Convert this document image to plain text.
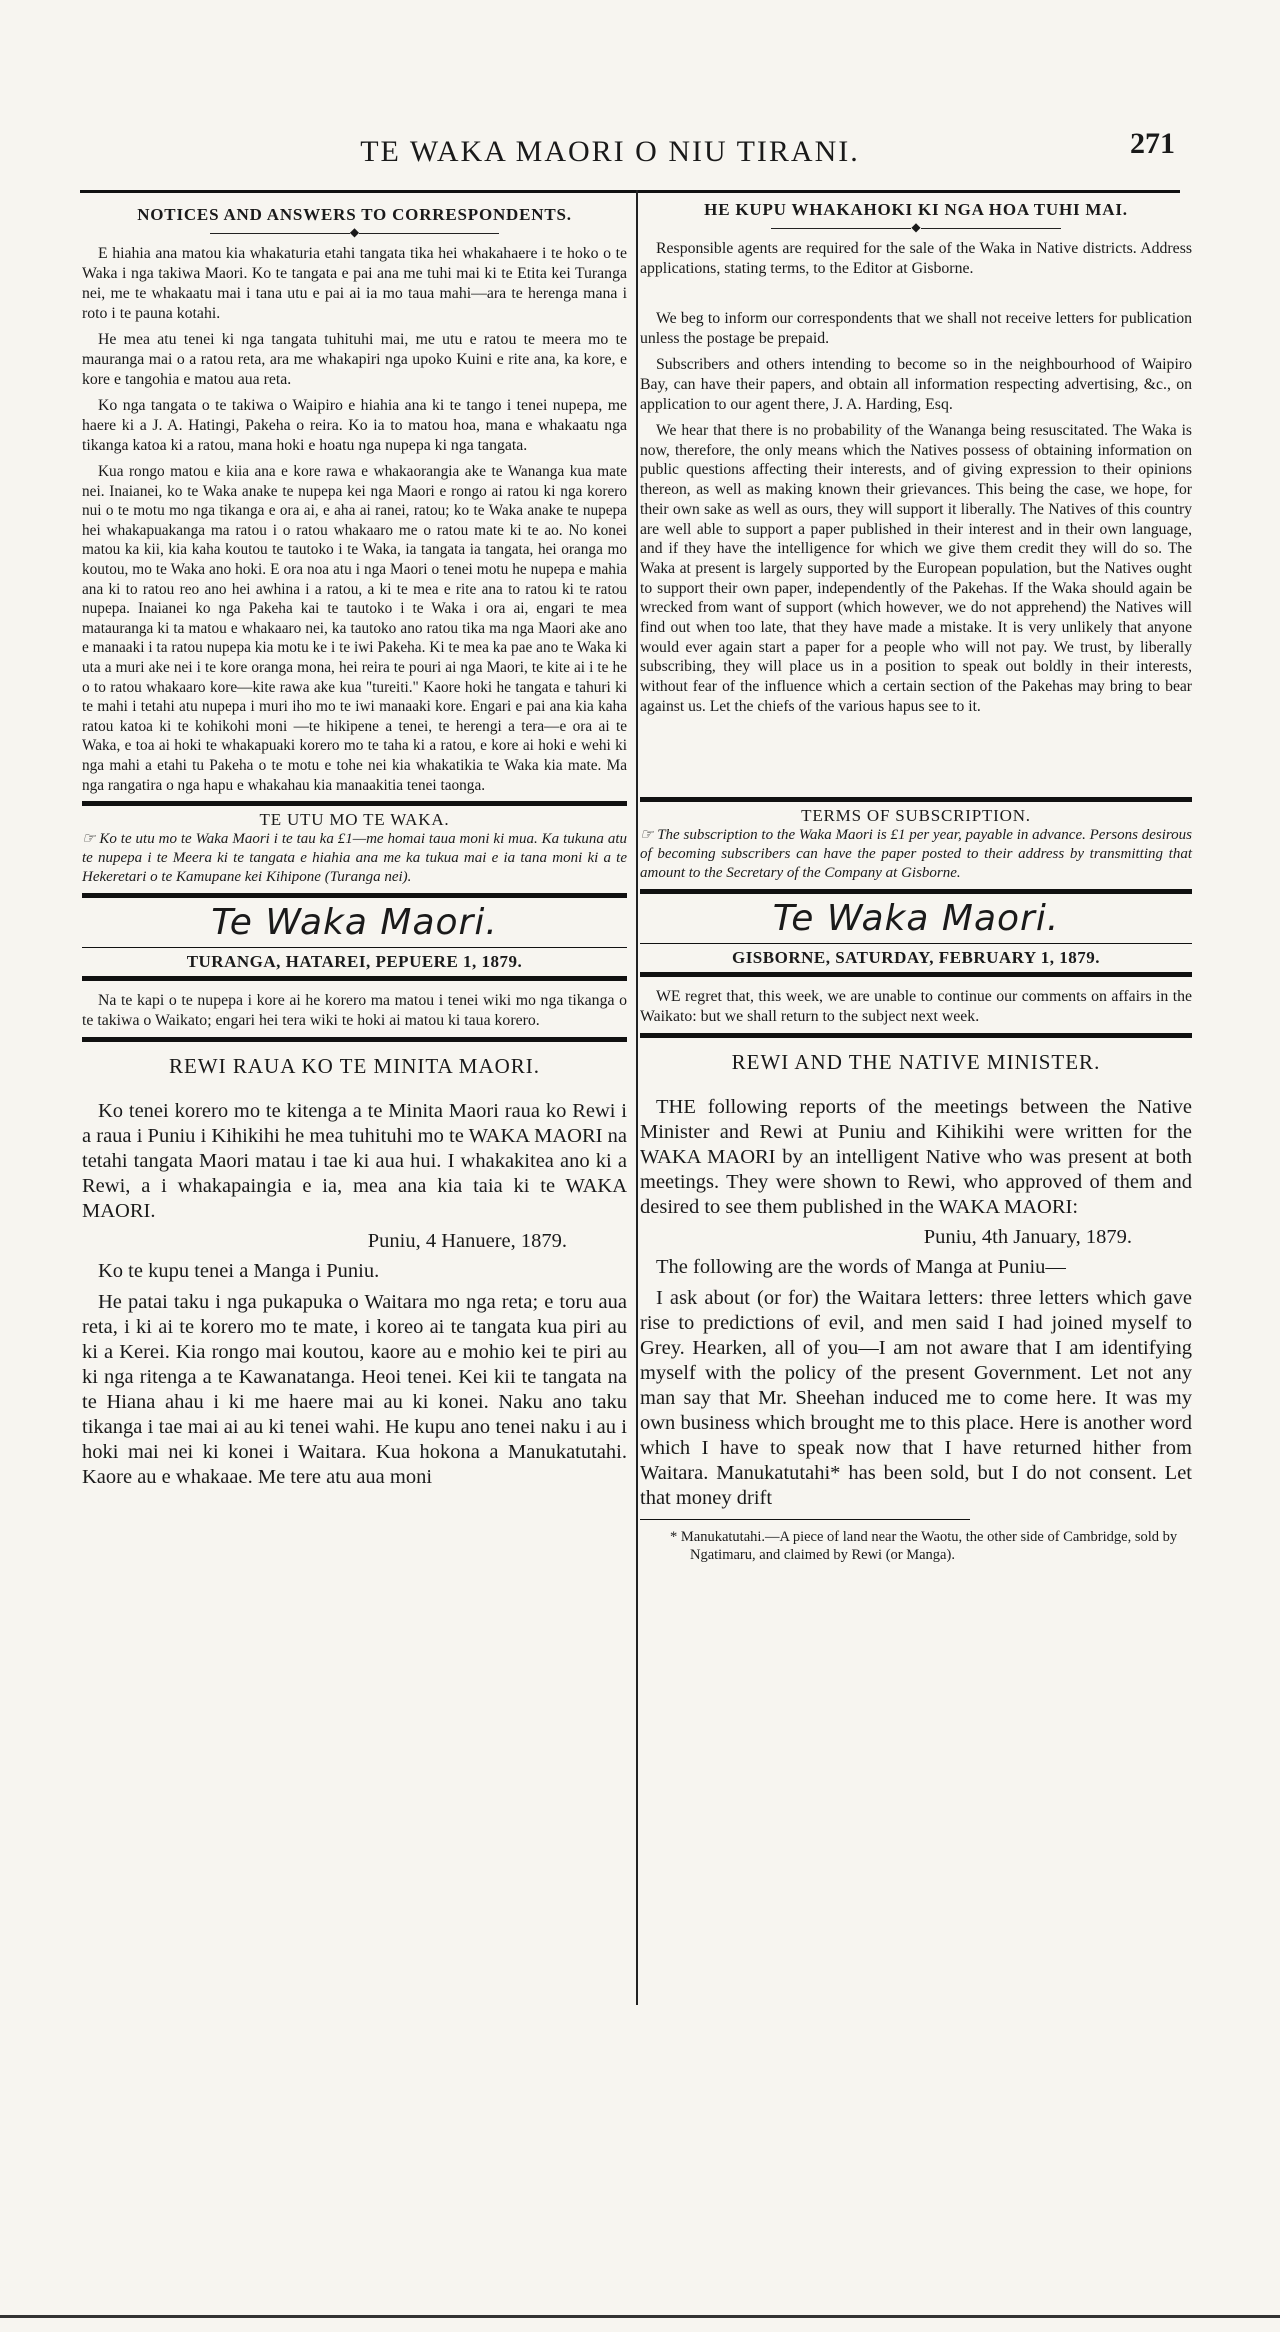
TE WAKA MAORI O NIU TIRANI.	271
NOTICES AND ANSWERS TO CORRESPONDENTS.
◆

E hiahia ana matou kia whakaturia etahi tangata tika hei whakahaere i te hoko o te Waka i nga takiwa Maori. Ko te tangata e pai ana me tuhi mai ki te Etita kei Turanga nei, me te whakaatu mai i tana utu e pai ai ia mo taua mahi—ara te herenga mana i roto i te pauna kotahi.

He mea atu tenei ki nga tangata tuhituhi mai, me utu e ratou te meera mo te mauranga mai o a ratou reta, ara me whakapiri nga upoko Kuini e rite ana, ka kore, e kore e tangohia e matou aua reta.

Ko nga tangata o te takiwa o Waipiro e hiahia ana ki te tango i tenei nupepa, me haere ki a J. A. Hatingi, Pakeha o reira. Ko ia to matou hoa, mana e whakaatu nga tikanga katoa ki a ratou, mana hoki e hoatu nga nupepa ki nga tangata.

Kua rongo matou e kiia ana e kore rawa e whakaorangia ake te Wananga kua mate nei. Inaianei, ko te Waka anake te nupepa kei nga Maori e rongo ai ratou ki nga korero nui o te motu mo nga tikanga e ora ai, e aha ai ranei, ratou; ko te Waka anake te nupepa hei whakapuakanga ma ratou i o ratou whakaaro me o ratou mate ki te ao. No konei matou ka kii, kia kaha koutou te tautoko i te Waka, ia tangata ia tangata, hei oranga mo koutou, mo te Waka ano hoki. E ora noa atu i nga Maori o tenei motu he nupepa e mahia ana ki to ratou reo ano hei awhina i a ratou, a ki te mea e rite ana to ratou ki te ratou nupepa. Inaianei ko nga Pakeha kai te tautoko i te Waka i ora ai, engari te mea matauranga ki ta matou e whakaaro nei, ka tautoko ano ratou tika ma nga Maori ake ano e manaaki i ta ratou nupepa kia motu ke i te iwi Pakeha. Ki te mea ka pae ano te Waka ki uta a muri ake nei i te kore oranga mona, hei reira te pouri ai nga Maori, te kite ai i te he o to ratou whakaaro kore—kite rawa ake kua "tureiti." Kaore hoki he tangata e tahuri ki te mahi i tetahi atu nupepa i muri iho mo te iwi manaaki kore. Engari e pai ana kia kaha ratou katoa ki te kohikohi moni —te hikipene a tenei, te herengi a tera—e ora ai te Waka, e toa ai hoki te whakapuaki korero mo te taha ki a ratou, e kore ai hoki e wehi ki nga mahi a etahi tu Pakeha o te motu e tohe nei kia whakatikia te Waka kia mate. Ma nga rangatira o nga hapu e whakahau kia manaakitia tenei taonga.

TE UTU MO TE WAKA.

☞ Ko te utu mo te Waka Maori i te tau ka £1—me homai taua moni ki mua. Ka tukuna atu te nupepa i te Meera ki te tangata e hiahia ana me ka tukua mai e ia tana moni ki a te Hekeretari o te Kamupane kei Kihipone (Turanga nei).

Te Waka Maori.
TURANGA, HATAREI, PEPUERE 1, 1879.

Na te kapi o te nupepa i kore ai he korero ma matou i tenei wiki mo nga tikanga o te takiwa o Waikato; engari hei tera wiki te hoki ai matou ki taua korero.

REWI RAUA KO TE MINITA MAORI.

Ko tenei korero mo te kitenga a te Minita Maori raua ko Rewi i a raua i Puniu i Kihikihi he mea tuhituhi mo te WAKA MAORI na tetahi tangata Maori matau i tae ki aua hui. I whakakitea ano ki a Rewi, a i whakapaingia e ia, mea ana kia taia ki te WAKA MAORI.

Puniu, 4 Hanuere, 1879.

Ko te kupu tenei a Manga i Puniu.

He patai taku i nga pukapuka o Waitara mo nga reta; e toru aua reta, i ki ai te korero mo te mate, i koreo ai te tangata kua piri au ki a Kerei. Kia rongo mai koutou, kaore au e mohio kei te piri au ki nga ritenga a te Kawanatanga. Heoi tenei. Kei kii te tangata na te Hiana ahau i ki me haere mai au ki konei. Naku ano taku tikanga i tae mai ai au ki tenei wahi. He kupu ano tenei naku i au i hoki mai nei ki konei i Waitara. Kua hokona a Manukatutahi. Kaore au e whakaae. Me tere atu aua moni

HE KUPU WHAKAHOKI KI NGA HOA TUHI MAI.
◆

Responsible agents are required for the sale of the Waka in Native districts. Address applications, stating terms, to the Editor at Gisborne.

We beg to inform our correspondents that we shall not receive letters for publication unless the postage be prepaid.

Subscribers and others intending to become so in the neighbourhood of Waipiro Bay, can have their papers, and obtain all information respecting advertising, &c., on application to our agent there, J. A. Harding, Esq.

We hear that there is no probability of the Wananga being resuscitated. The Waka is now, therefore, the only means which the Natives possess of obtaining information on public questions affecting their interests, and of giving expression to their opinions thereon, as well as making known their grievances. This being the case, we hope, for their own sake as well as ours, they will support it liberally. The Natives of this country are well able to support a paper published in their interest and in their own language, and if they have the intelligence for which we give them credit they will do so. The Waka at present is largely supported by the European population, but the Natives ought to support their own paper, independently of the Pakehas. If the Waka should again be wrecked from want of support (which however, we do not apprehend) the Natives will find out when too late, that they have made a mistake. It is very unlikely that anyone would ever again start a paper for a people who will not pay. We trust, by liberally subscribing, they will place us in a position to speak out boldly in their interests, without fear of the influence which a certain section of the Pakehas may bring to bear against us. Let the chiefs of the various hapus see to it.

TERMS OF SUBSCRIPTION.

☞ The subscription to the Waka Maori is £1 per year, payable in advance. Persons desirous of becoming subscribers can have the paper posted to their address by transmitting that amount to the Secretary of the Company at Gisborne.

Te Waka Maori.
GISBORNE, SATURDAY, FEBRUARY 1, 1879.

WE regret that, this week, we are unable to continue our comments on affairs in the Waikato: but we shall return to the subject next week.

REWI AND THE NATIVE MINISTER.

THE following reports of the meetings between the Native Minister and Rewi at Puniu and Kihikihi were written for the WAKA MAORI by an intelligent Native who was present at both meetings. They were shown to Rewi, who approved of them and desired to see them published in the WAKA MAORI:

Puniu, 4th January, 1879.

The following are the words of Manga at Puniu—

I ask about (or for) the Waitara letters: three letters which gave rise to predictions of evil, and men said I had joined myself to Grey. Hearken, all of you—I am not aware that I am identifying myself with the policy of the present Government. Let not any man say that Mr. Sheehan induced me to come here. It was my own business which brought me to this place. Here is another word which I have to speak now that I have returned hither from Waitara. Manukatutahi* has been sold, but I do not consent. Let that money drift

* Manukatutahi.—A piece of land near the Waotu, the other side of Cambridge, sold by Ngatimaru, and claimed by Rewi (or Manga).
